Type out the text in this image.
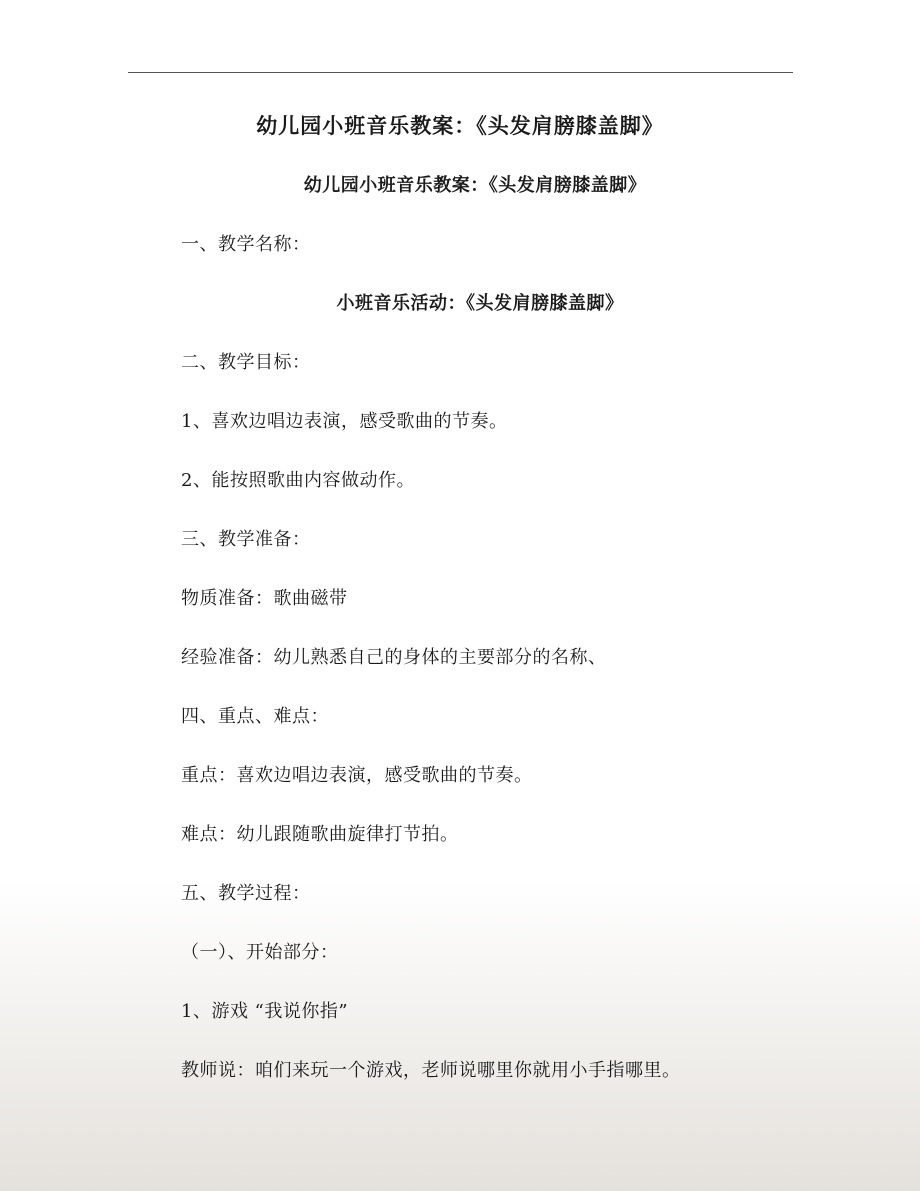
幼儿园小班音乐教案：《头发肩膀膝盖脚》
幼儿园小班音乐教案：《头发肩膀膝盖脚》
一、教学名称：
小班音乐活动：《头发肩膀膝盖脚》
二、教学目标：
1、喜欢边唱边表演，感受歌曲的节奏。
2、能按照歌曲内容做动作。
三、教学准备：
物质准备：歌曲磁带
经验准备：幼儿熟悉自己的身体的主要部分的名称、
四、重点、难点：
重点：喜欢边唱边表演，感受歌曲的节奏。
难点：幼儿跟随歌曲旋律打节拍。
五、教学过程：
（一）、开始部分：
1、游戏 “我说你指”
教师说：咱们来玩一个游戏，老师说哪里你就用小手指哪里。
